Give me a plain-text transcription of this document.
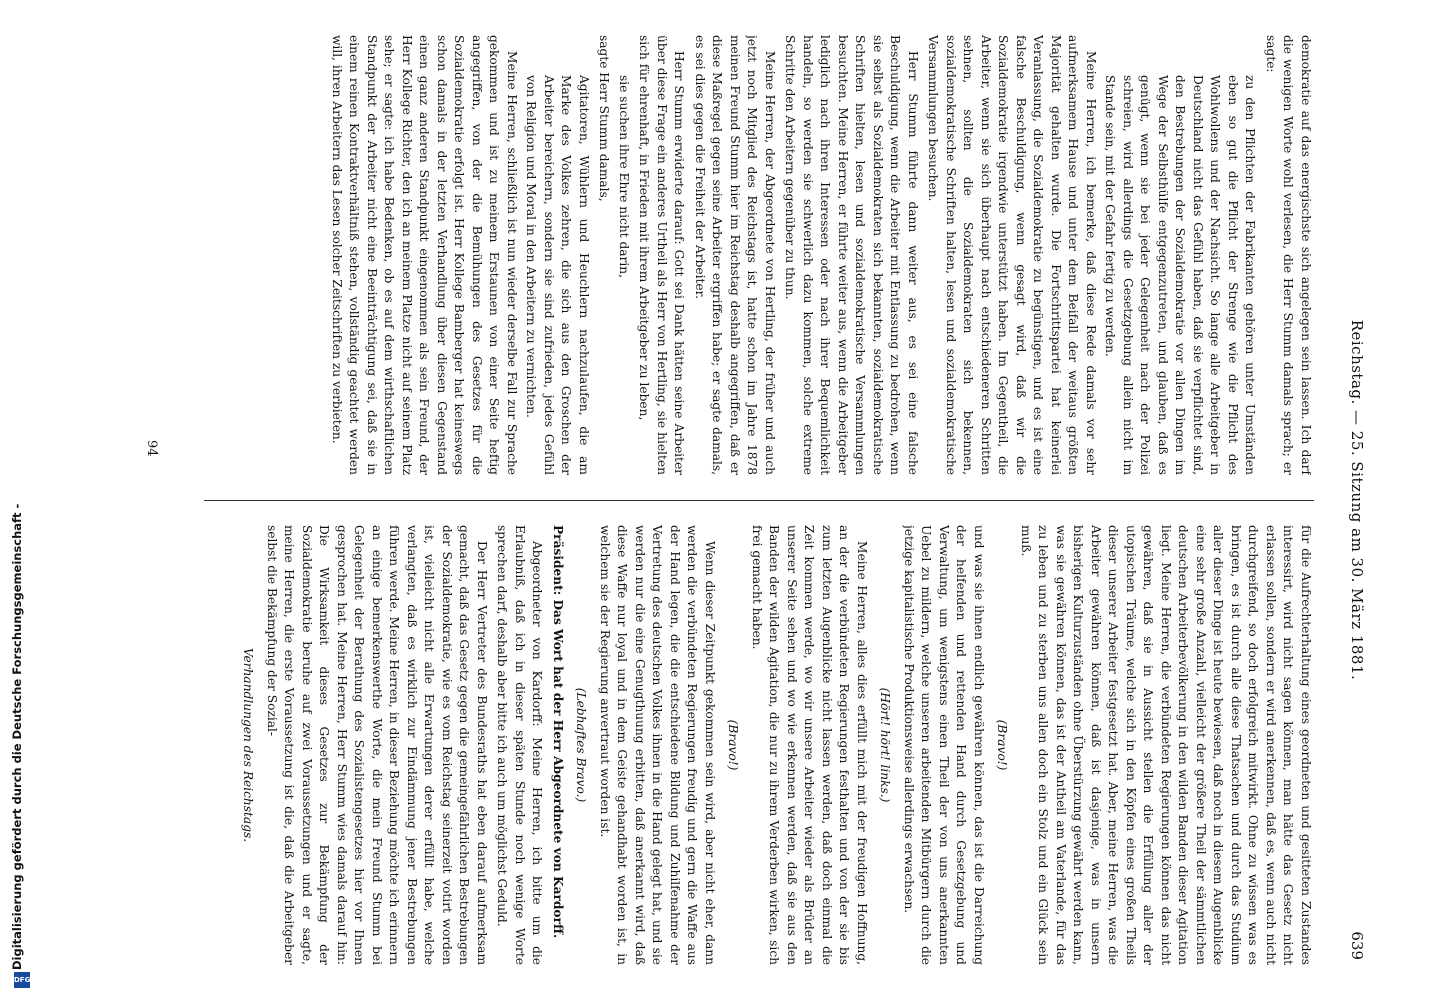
Digitalisierung gefördert durch die Deutsche Forschungsgemeinschaft -
DFG
Reichstag. — 25. Sitzung am 30. März 1881.
639

demokratie auf das energischste sich angelegen sein lassen. Ich darf die wenigen Worte wohl verlesen, die Herr Stumm damals sprach; er sagte:

zu den Pflichten der Fabrikanten gehören unter Umständen eben so gut die Pflicht der Strenge wie die Pflicht des Wohlwollens und der Nachsicht. So lange alle Arbeitgeber in Deutschland nicht das Gefühl haben, daß sie verpflichtet sind, den Bestrebungen der Sozialdemokratie vor allen Dingen im Wege der Selbsthülfe entgegenzutreten, und glauben, daß es genügt, wenn sie bei jeder Gelegenheit nach der Polizei schreien, wird allerdings die Gesetzgebung allein nicht im Stande sein, mit der Gefahr fertig zu werden.

Meine Herren, ich bemerke, daß diese Rede damals vor sehr aufmerksamem Hause und unter dem Beifall der weitaus größten Majorität gehalten wurde. Die Fortschrittspartei hat keinerlei Veranlassung, die Sozialdemokratie zu begünstigen, und es ist eine falsche Beschuldigung, wenn gesagt wird, daß wir die Sozialdemokratie irgendwie unterstützt haben. Im Gegentheil, die Arbeiter, wenn sie sich überhaupt nach entschiedeneren Schritten sehnen, sollten die Sozialdemokraten sich bekennen, sozialdemokratische Schriften halten, lesen und sozialdemokratische Versammlungen besuchen.

Herr Stumm führte dann weiter aus, es sei eine falsche Beschuldigung, wenn die Arbeiter mit Entlassung zu bedrohen, wenn sie selbst als Sozialdemokraten sich bekannten, sozialdemokratische Schriften hielten, lesen und sozialdemokratische Versammlungen besuchten. Meine Herren, er führte weiter aus, wenn die Arbeitgeber lediglich nach ihren Interessen oder nach ihrer Bequemlichkeit handeln, so werden sie schwerlich dazu kommen, solche extreme Schritte den Arbeitern gegenüber zu thun.

Meine Herren, der Abgeordnete von Hertling, der früher und auch jetzt noch Mitglied des Reichstags ist, hatte schon im Jahre 1878 meinen Freund Stumm hier im Reichstag deshalb angegriffen, daß er diese Maßregel gegen seine Arbeiter ergriffen habe; er sagte damals, es sei dies gegen die Freiheit der Arbeiter.

Herr Stumm erwiderte darauf: Gott sei Dank hätten seine Arbeiter über diese Frage ein anderes Urtheil als Herr von Hertling, sie hielten sich für ehrenhaft, in Frieden mit ihrem Arbeitgeber zu leben,

sie suchen ihre Ehre nicht darin,

sagte Herr Stumm damals,

Agitatoren, Wühlern und Heuchlern nachzulaufen, die am Marke des Volkes zehren, die sich aus den Groschen der Arbeiter bereichern, sondern sie sind zufrieden, jedes Gefühl von Religion und Moral in den Arbeitern zu vernichten.

Meine Herren, schließlich ist nun wieder derselbe Fall zur Sprache gekommen und ist zu meinem Erstaunen von einer Seite heftig angegriffen, von der die Bemühungen des Gesetzes für die Sozialdemokratie erfolgt ist. Herr Kollege Bamberger hat keineswegs schon damals in der letzten Verhandlung über diesen Gegenstand einen ganz anderen Standpunkt eingenommen als sein Freund, der Herr Kollege Richter, den ich an meinem Platze nicht auf seinem Platz sehe; er sagte: ich habe Bedenken, ob es auf dem wirthschaftlichen Standpunkt der Arbeiter nicht eine Beeinträchtigung sei, daß sie in einem reinen Kontraktverhältniß stehen, vollständig geachtet werden will, ihren Arbeitern das Lesen solcher Zeitschriften zu verbieten.

für die Aufrechterhaltung eines geordneten und gesitteten Zustandes interessirt, wird nicht sagen können, man hätte das Gesetz nicht erlassen sollen, sondern er wird anerkennen, daß es, wenn auch nicht durchgreifend, so doch erfolgreich mitwirkt. Ohne zu wissen was es bringen, es ist durch alle diese Thatsachen und durch das Studium aller dieser Dinge ist heute bewiesen, daß noch in diesem Augenblicke eine sehr große Anzahl, vielleicht der größere Theil der sämmtlichen deutschen Arbeiterbevölkerung in den wilden Banden dieser Agitation liegt. Meine Herren, die verbündeten Regierungen können das nicht gewähren, daß sie in Aussicht stellen die Erfüllung aller der utopischen Träume, welche sich in den Köpfen eines großen Theils dieser unserer Arbeiter festgesetzt hat. Aber, meine Herren, was die Arbeiter gewähren können, daß ist dasjenige, was in unsern bisherigen Kulturzuständen ohne Überstürzung gewährt werden kann, was sie gewähren können, das ist der Antheil am Vaterlande, für das zu leben und zu sterben uns allen doch ein Stolz und ein Glück sein muß.

(Bravo!)

und was sie ihnen endlich gewähren können, das ist die Darreichung der helfenden und rettenden Hand durch Gesetzgebung und Verwaltung, um wenigstens einen Theil der von uns anerkannten Uebel zu mildern, welche unseren arbeitenden Mitbürgern durch die jetzige kapitalistische Produktionsweise allerdings erwachsen.

(Hört! hört! links.)

Meine Herren, alles dies erfüllt mich mit der freudigen Hoffnung, an der die verbündeten Regierungen festhalten und von der sie bis zum letzten Augenblicke nicht lassen werden, daß doch einmal die Zeit kommen werde, wo wir unsere Arbeiter wieder als Brüder an unserer Seite sehen und wo wie erkennen werden, daß sie aus den Banden der wilden Agitation, die nur zu ihrem Verderben wirken, sich frei gemacht haben.

(Bravo!)

Wenn dieser Zeitpunkt gekommen sein wird, aber nicht eher, dann werden die verbündeten Regierungen freudig und gern die Waffe aus der Hand legen, die die entschiedene Bildung und Zuhilfenahme der Vertretung des deutschen Volkes ihnen in die Hand gelegt hat, und sie werden nur die eine Genugthuung erbitten, daß anerkannt wird, daß diese Waffe nur loyal und in dem Geiste gehandhabt worden ist, in welchem sie der Regierung anvertraut worden ist.

(Lebhaftes Bravo.)

Präsident: Das Wort hat der Herr Abgeordnete von Kardorff.

Abgeordneter von Kardorff: Meine Herren, ich bitte um die Erlaubniß, daß ich in dieser späten Stunde noch wenige Worte sprechen darf, deshalb aber bitte ich auch um möglichst Geduld.

Der Herr Vertreter des Bundesraths hat eben darauf aufmerksam gemacht, daß das Gesetz gegen die gemeingefährlichen Bestrebungen der Sozialdemokratie, wie es vom Reichstag seinerzeit votirt worden ist, vielleicht nicht alle Erwartungen derer erfüllt habe, welche verlangten, daß es wirklich zur Eindämmung jener Bestrebungen führen werde. Meine Herren, in dieser Beziehung möchte ich erinnern an einige bemerkenswerthe Worte, die mein Freund Stumm bei Gelegenheit der Berathung des Sozialistengesetzes hier vor Ihnen gesprochen hat. Meine Herren, Herr Stumm wies damals darauf hin: Die Wirksamkeit dieses Gesetzes zur Bekämpfung der Sozialdemokratie beruhe auf zwei Voraussetzungen und er sagte, meine Herren, die erste Voraussetzung ist die, daß die Arbeitgeber selbst die Bekämpfung der Sozial-

Verhandlungen des Reichstags.

94
